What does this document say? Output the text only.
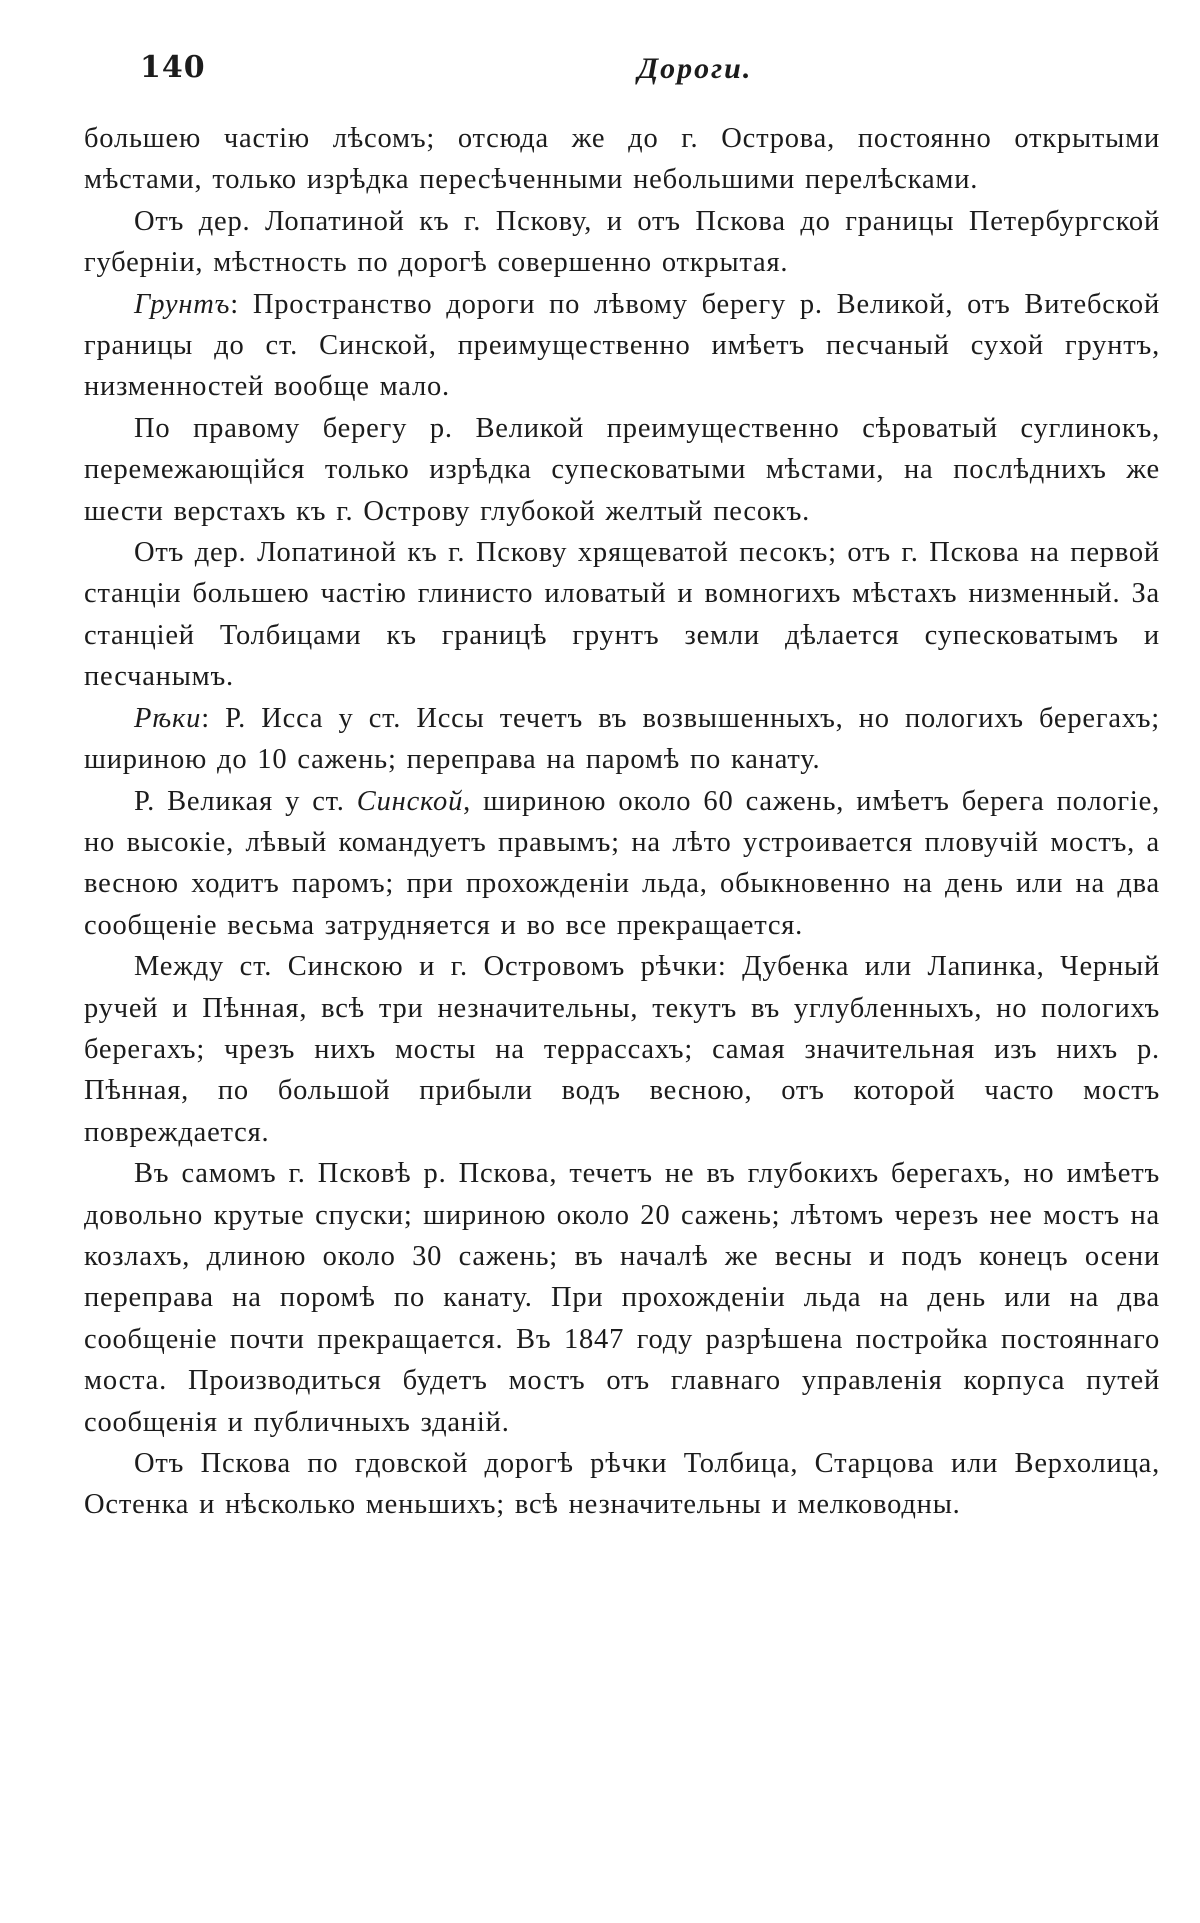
140	Дороги.

большею частію лѣсомъ; отсюда же до г. Острова, постоянно открытыми мѣстами, только изрѣдка пересѣченными небольшими перелѣсками.

Отъ дер. Лопатиной къ г. Пскову, и отъ Пскова до границы Петербургской губерніи, мѣстность по дорогѣ совершенно открытая.

Грунтъ: Пространство дороги по лѣвому берегу р. Великой, отъ Витебской границы до ст. Синской, преимущественно имѣетъ песчаный сухой грунтъ, низменностей вообще мало.

По правому берегу р. Великой преимущественно сѣроватый суглинокъ, перемежающійся только изрѣдка супесковатыми мѣстами, на послѣднихъ же шести верстахъ къ г. Острову глубокой желтый песокъ.

Отъ дер. Лопатиной къ г. Пскову хрящеватой песокъ; отъ г. Пскова на первой станціи большею частію глинисто иловатый и вомногихъ мѣстахъ низменный. За станціей Толбицами къ границѣ грунтъ земли дѣлается супесковатымъ и песчанымъ.

Рѣки: Р. Исса у ст. Иссы течетъ въ возвышенныхъ, но пологихъ берегахъ; шириною до 10 сажень; переправа на паромѣ по канату.

Р. Великая у ст. Синской, шириною около 60 сажень, имѣетъ берега пологіе, но высокіе, лѣвый командуетъ правымъ; на лѣто устроивается пловучій мостъ, а весною ходитъ паромъ; при прохожденіи льда, обыкновенно на день или на два сообщеніе весьма затрудняется и во все прекращается.

Между ст. Синскою и г. Островомъ рѣчки: Дубенка или Лапинка, Черный ручей и Пѣнная, всѣ три незначительны, текутъ въ углубленныхъ, но пологихъ берегахъ; чрезъ нихъ мосты на террассахъ; самая значительная изъ нихъ р. Пѣнная, по большой прибыли водъ весною, отъ которой часто мостъ повреждается.

Въ самомъ г. Псковѣ р. Псковa, течетъ не въ глубокихъ берегахъ, но имѣетъ довольно крутые спуски; шириною около 20 сажень; лѣтомъ черезъ нее мостъ на козлахъ, длиною около 30 сажень; въ началѣ же весны и подъ конецъ осени переправа на поромѣ по канату. При прохожденіи льда на день или на два сообщеніе почти прекращается. Въ 1847 году разрѣшена постройка постояннаго моста. Производиться будетъ мостъ отъ главнаго управленія корпуса путей сообщенія и публичныхъ зданій.

Отъ Пскова по гдовской дорогѣ рѣчки Толбица, Старцова или Верхолица, Остенка и нѣсколько меньшихъ; всѣ незначительны и мелководны.
